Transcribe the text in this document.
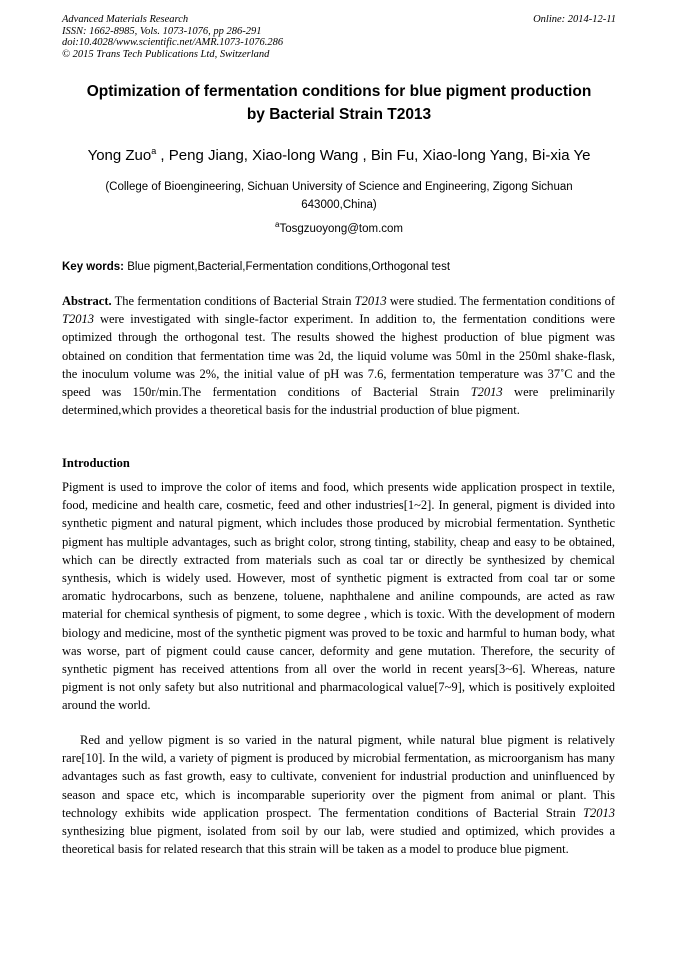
Advanced Materials Research
ISSN: 1662-8985, Vols. 1073-1076, pp 286-291
doi:10.4028/www.scientific.net/AMR.1073-1076.286
© 2015 Trans Tech Publications Ltd, Switzerland
Online: 2014-12-11
Optimization of fermentation conditions for blue pigment production
by Bacterial Strain T2013
Yong Zuo$^a$ , Peng Jiang, Xiao-long Wang , Bin Fu, Xiao-long Yang, Bi-xia Ye
(College of Bioengineering, Sichuan University of Science and Engineering, Zigong Sichuan
643000,China)
$^a$Tosgzuoyong@tom.com
Key words: Blue pigment,Bacterial,Fermentation conditions,Orthogonal test

Abstract. The fermentation conditions of Bacterial Strain T2013 were studied. The fermentation conditions of T2013 were investigated with single-factor experiment. In addition to, the fermentation conditions were optimized through the orthogonal test. The results showed the highest production of blue pigment was obtained on condition that fermentation time was 2d, the liquid volume was 50ml in the 250ml shake-flask, the inoculum volume was 2%, the initial value of pH was 7.6, fermentation temperature was 37˚C and the speed was 150r/min.The fermentation conditions of Bacterial Strain T2013 were preliminarily determined,which provides a theoretical basis for the industrial production of blue pigment.

Introduction

Pigment is used to improve the color of items and food, which presents wide application prospect in textile, food, medicine and health care, cosmetic, feed and other industries[1~2]. In general, pigment is divided into synthetic pigment and natural pigment, which includes those produced by microbial fermentation. Synthetic pigment has multiple advantages, such as bright color, strong tinting, stability, cheap and easy to be obtained, which can be directly extracted from materials such as coal tar or directly be synthesized by chemical synthesis, which is widely used. However, most of synthetic pigment is extracted from coal tar or some aromatic hydrocarbons, such as benzene, toluene, naphthalene and aniline compounds, are acted as raw material for chemical synthesis of pigment, to some degree , which is toxic. With the development of modern biology and medicine, most of the synthetic pigment was proved to be toxic and harmful to human body, what was worse, part of pigment could cause cancer, deformity and gene mutation. Therefore, the security of synthetic pigment has received attentions from all over the world in recent years[3~6]. Whereas, nature pigment is not only safety but also nutritional and pharmacological value[7~9], which is positively exploited around the world.

Red and yellow pigment is so varied in the natural pigment, while natural blue pigment is relatively rare[10]. In the wild, a variety of pigment is produced by microbial fermentation, as microorganism has many advantages such as fast growth, easy to cultivate, convenient for industrial production and uninfluenced by season and space etc, which is incomparable superiority over the pigment from animal or plant. This technology exhibits wide application prospect. The fermentation conditions of Bacterial Strain T2013 synthesizing blue pigment, isolated from soil by our lab, were studied and optimized, which provides a theoretical basis for related research that this strain will be taken as a model to produce blue pigment.
